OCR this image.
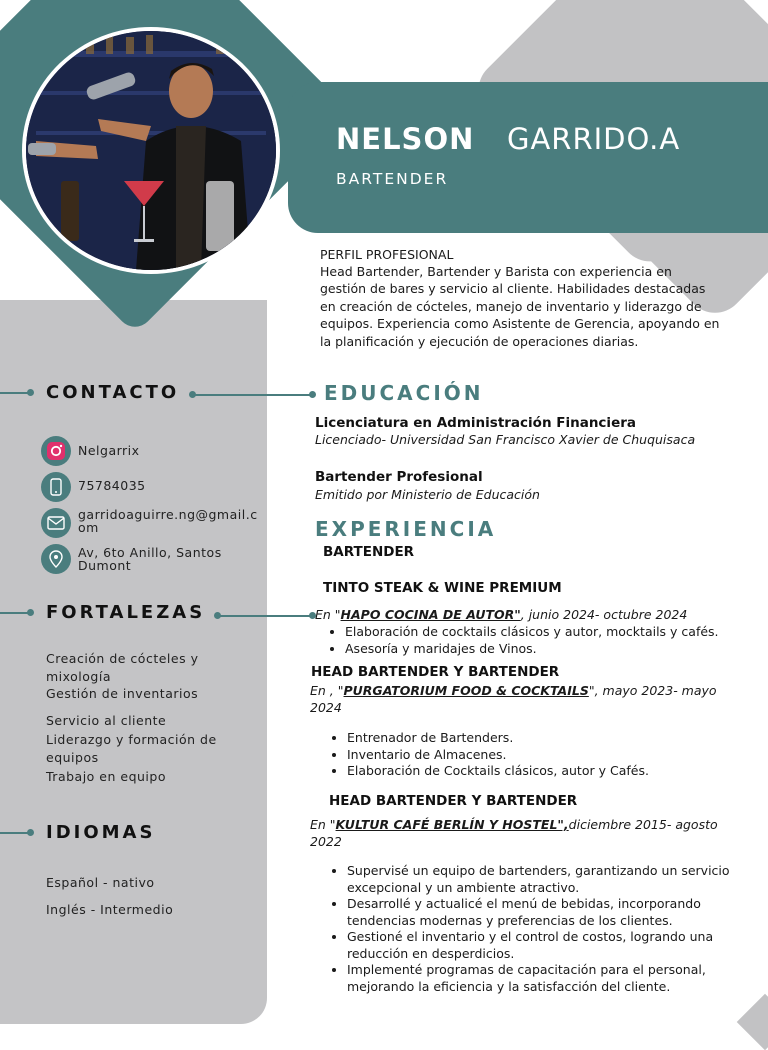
NELSON GARRIDO.A
BARTENDER
PERFIL PROFESIONAL
Head Bartender, Bartender y Barista con experiencia en gestión de bares y servicio al cliente. Habilidades destacadas en creación de cócteles, manejo de inventario y liderazgo de equipos. Experiencia como Asistente de Gerencia, apoyando en la planificación y ejecución de operaciones diarias.
CONTACTO
Nelgarrix
75784035
garridoaguirre.ng@gmail.com
Av, 6to Anillo, Santos Dumont
FORTALEZAS
Creación de cócteles y mixología
Gestión de inventarios
Servicio al cliente
Liderazgo y formación de equipos
Trabajo en equipo
IDIOMAS
Español - nativo
Inglés - Intermedio
EDUCACIÓN
Licenciatura en Administración Financiera
Licenciado- Universidad San Francisco Xavier de Chuquisaca
Bartender Profesional
Emitido por Ministerio de Educación
EXPERIENCIA
BARTENDER
TINTO STEAK & WINE PREMIUM
En "HAPO COCINA DE AUTOR", junio 2024- octubre 2024
• Elaboración de cocktails clásicos y autor, mocktails y cafés.
• Asesoría y maridajes de Vinos.
HEAD BARTENDER Y BARTENDER
En , "PURGATORIUM FOOD & COCKTAILS", mayo 2023- mayo 2024
• Entrenador de Bartenders.
• Inventario de Almacenes.
• Elaboración de Cocktails clásicos, autor y Cafés.
HEAD BARTENDER Y BARTENDER
En "KULTUR CAFÉ BERLÍN Y HOSTEL",diciembre 2015- agosto 2022
• Supervisé un equipo de bartenders, garantizando un servicio excepcional y un ambiente atractivo.
• Desarrollé y actualicé el menú de bebidas, incorporando tendencias modernas y preferencias de los clientes.
• Gestioné el inventario y el control de costos, logrando una reducción en desperdicios.
• Implementé programas de capacitación para el personal, mejorando la eficiencia y la satisfacción del cliente.
